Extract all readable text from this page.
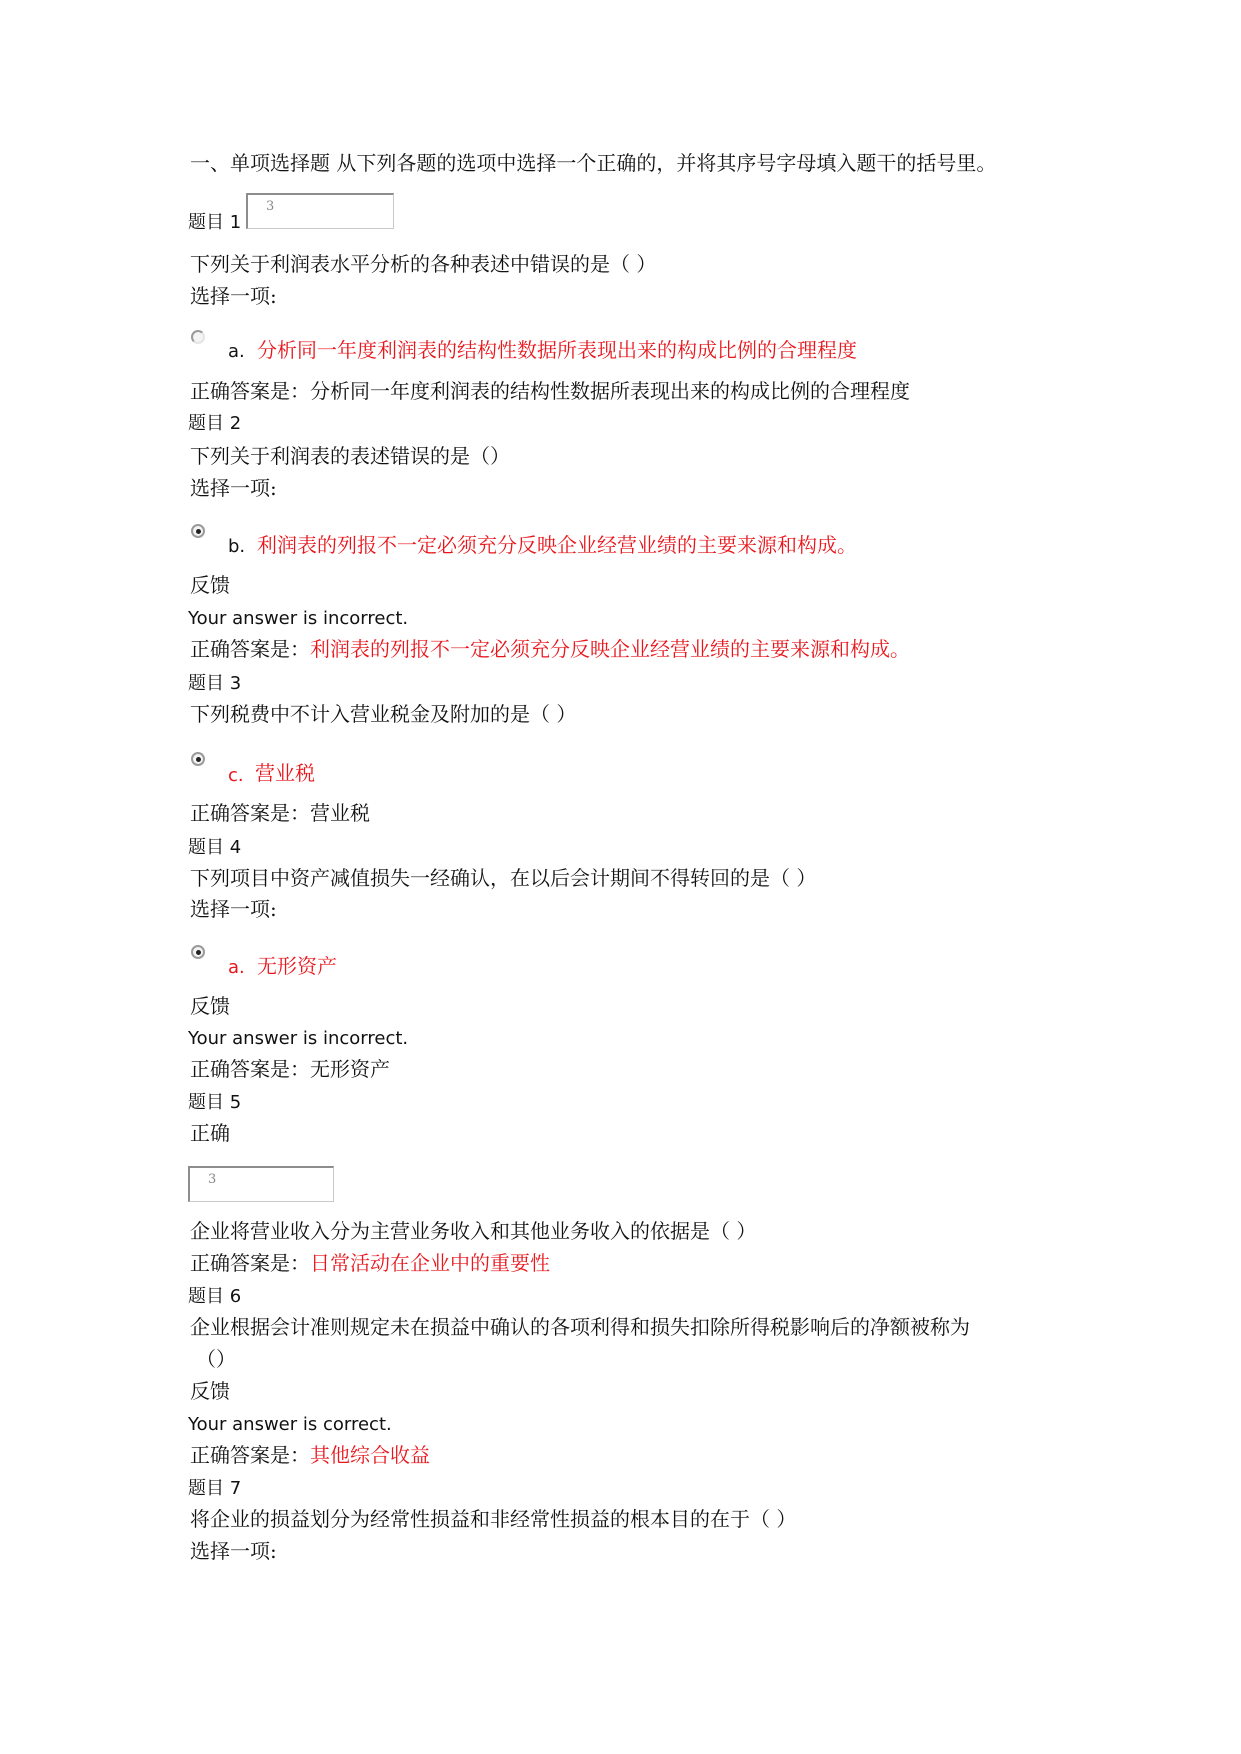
一、单项选择题 从下列各题的选项中选择一个正确的，并将其序号字母填入题干的括号里。
题目 1
3
下列关于利润表水平分析的各种表述中错误的是（ ）
选择一项:
a. 分析同一年度利润表的结构性数据所表现出来的构成比例的合理程度
正确答案是：分析同一年度利润表的结构性数据所表现出来的构成比例的合理程度
题目 2
下列关于利润表的表述错误的是（）
选择一项:
b. 利润表的列报不一定必须充分反映企业经营业绩的主要来源和构成。
反馈
Your answer is incorrect.
正确答案是：利润表的列报不一定必须充分反映企业经营业绩的主要来源和构成。
题目 3
下列税费中不计入营业税金及附加的是（ ）
c. 营业税
正确答案是：营业税
题目 4
下列项目中资产减值损失一经确认，在以后会计期间不得转回的是（ ）
选择一项:
a. 无形资产
反馈
Your answer is incorrect.
正确答案是：无形资产
题目 5
正确
3
企业将营业收入分为主营业务收入和其他业务收入的依据是（ ）
正确答案是：日常活动在企业中的重要性
题目 6
企业根据会计准则规定未在损益中确认的各项利得和损失扣除所得税影响后的净额被称为
（）
反馈
Your answer is correct.
正确答案是：其他综合收益
题目 7
将企业的损益划分为经常性损益和非经常性损益的根本目的在于（ ）
选择一项:
